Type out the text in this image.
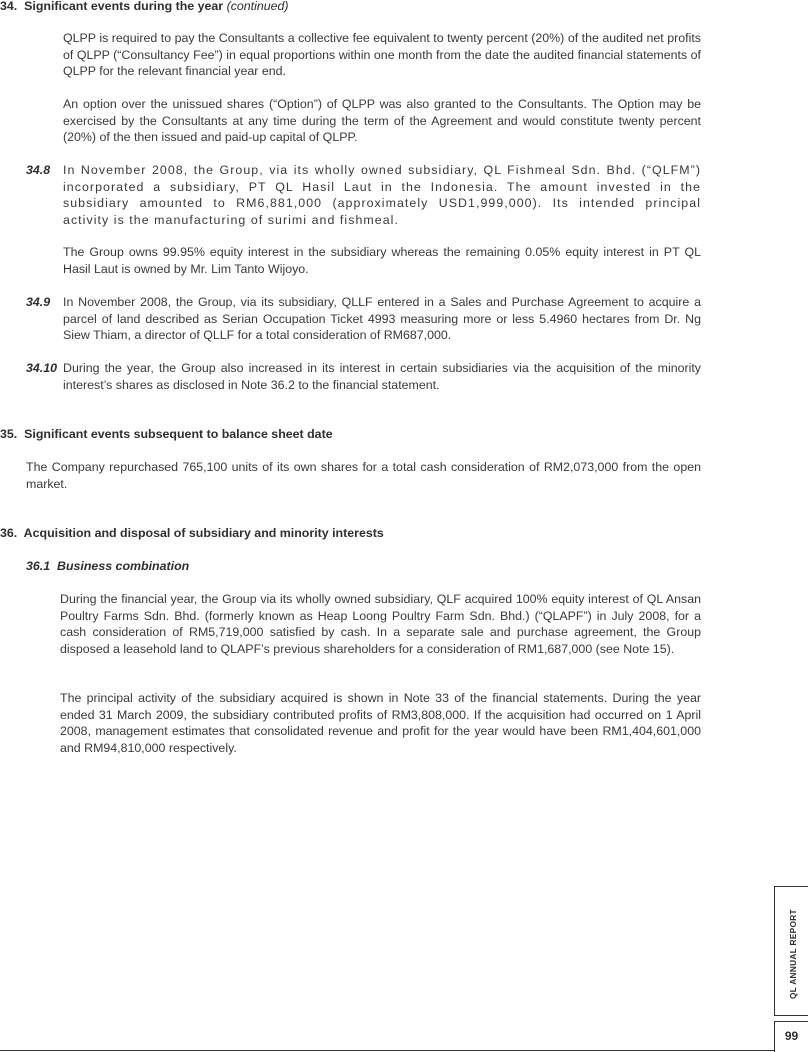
34. Significant events during the year (continued)

QLPP is required to pay the Consultants a collective fee equivalent to twenty percent (20%) of the audited net profits of QLPP (“Consultancy Fee”) in equal proportions within one month from the date the audited financial statements of QLPP for the relevant financial year end.

An option over the unissued shares (“Option”) of QLPP was also granted to the Consultants. The Option may be exercised by the Consultants at any time during the term of the Agreement and would constitute twenty percent (20%) of the then issued and paid-up capital of QLPP.

34.8 In November 2008, the Group, via its wholly owned subsidiary, QL Fishmeal Sdn. Bhd. (“QLFM”) incorporated a subsidiary, PT QL Hasil Laut in the Indonesia. The amount invested in the subsidiary amounted to RM6,881,000 (approximately USD1,999,000). Its intended principal activity is the manufacturing of surimi and fishmeal.

The Group owns 99.95% equity interest in the subsidiary whereas the remaining 0.05% equity interest in PT QL Hasil Laut is owned by Mr. Lim Tanto Wijoyo.

34.9 In November 2008, the Group, via its subsidiary, QLLF entered in a Sales and Purchase Agreement to acquire a parcel of land described as Serian Occupation Ticket 4993 measuring more or less 5.4960 hectares from Dr. Ng Siew Thiam, a director of QLLF for a total consideration of RM687,000.

34.10 During the year, the Group also increased in its interest in certain subsidiaries via the acquisition of the minority interest’s shares as disclosed in Note 36.2 to the financial statement.

35. Significant events subsequent to balance sheet date

The Company repurchased 765,100 units of its own shares for a total cash consideration of RM2,073,000 from the open market.

36. Acquisition and disposal of subsidiary and minority interests
36.1 Business combination

During the financial year, the Group via its wholly owned subsidiary, QLF acquired 100% equity interest of QL Ansan Poultry Farms Sdn. Bhd. (formerly known as Heap Loong Poultry Farm Sdn. Bhd.) (“QLAPF”) in July 2008, for a cash consideration of RM5,719,000 satisfied by cash. In a separate sale and purchase agreement, the Group disposed a leasehold land to QLAPF’s previous shareholders for a consideration of RM1,687,000 (see Note 15).

The principal activity of the subsidiary acquired is shown in Note 33 of the financial statements. During the year ended 31 March 2009, the subsidiary contributed profits of RM3,808,000. If the acquisition had occurred on 1 April 2008, management estimates that consolidated revenue and profit for the year would have been RM1,404,601,000 and RM94,810,000 respectively.

QL ANNUAL REPORT
99
